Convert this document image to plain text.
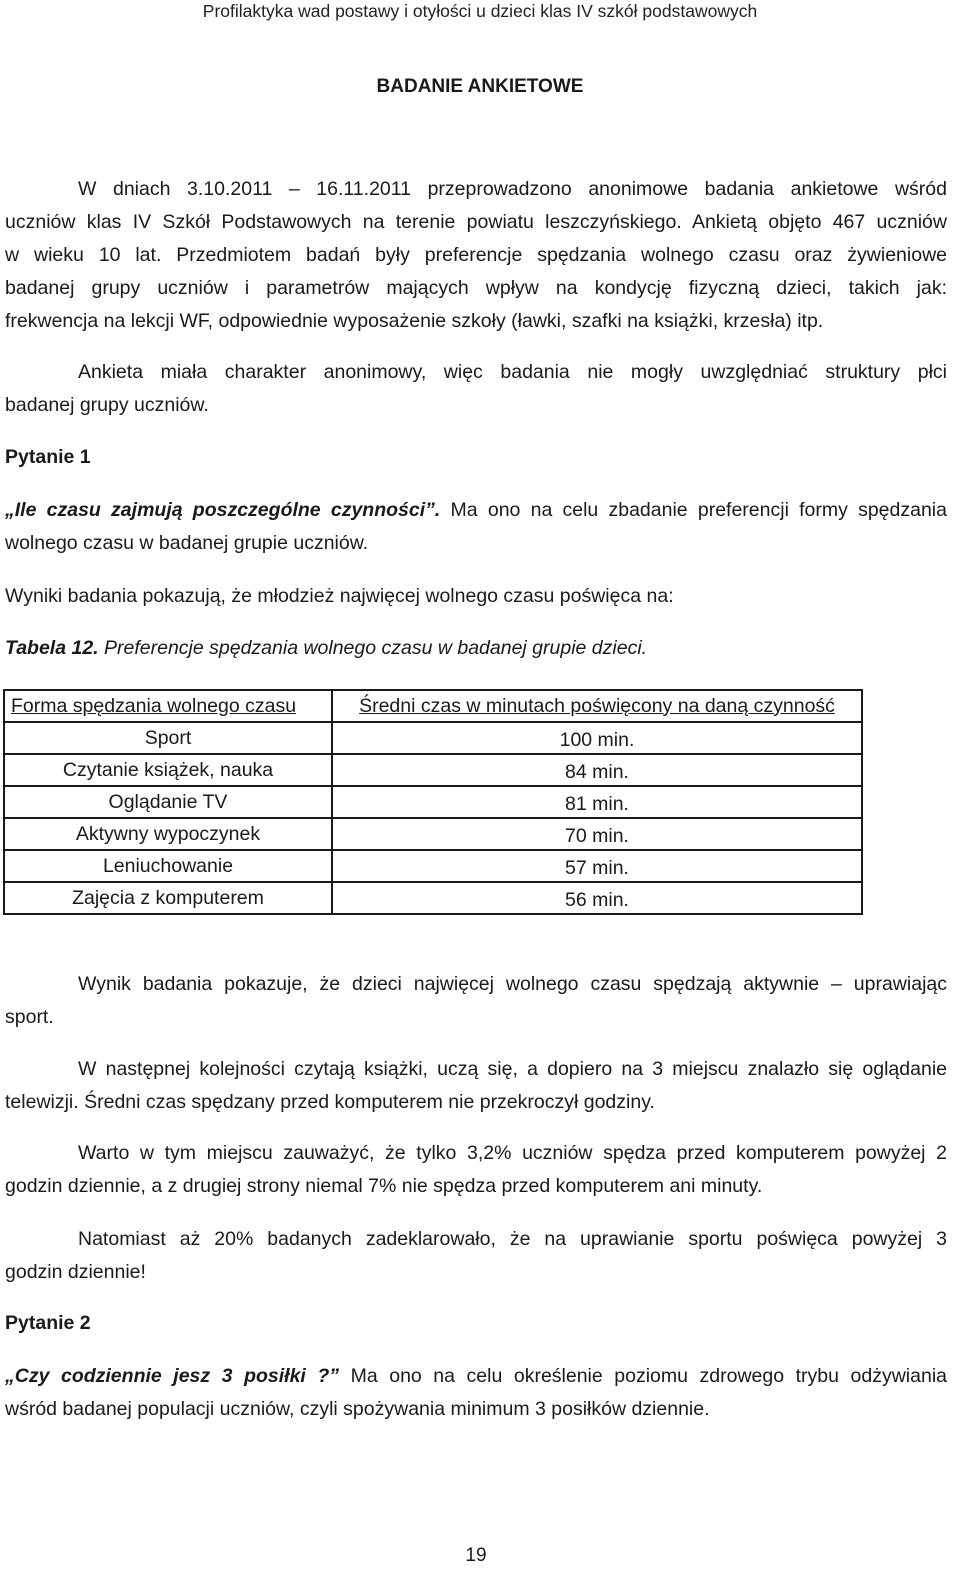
Profilaktyka wad postawy i otyłości u dzieci klas IV szkół podstawowych

BADANIE ANKIETOWE

W dniach 3.10.2011 – 16.11.2011 przeprowadzono anonimowe badania ankietowe wśród
uczniów klas IV Szkół Podstawowych na terenie powiatu leszczyńskiego. Ankietą objęto 467 uczniów
w wieku 10 lat. Przedmiotem badań były preferencje spędzania wolnego czasu oraz żywieniowe
badanej grupy uczniów i parametrów mających wpływ na kondycję fizyczną dzieci, takich jak:
frekwencja na lekcji WF, odpowiednie wyposażenie szkoły (ławki, szafki na książki, krzesła) itp.
Ankieta miała charakter anonimowy, więc badania nie mogły uwzględniać struktury płci
badanej grupy uczniów.
Pytanie 1
„Ile czasu zajmują poszczególne czynności”. Ma ono na celu zbadanie preferencji formy spędzania
wolnego czasu w badanej grupie uczniów.
Wyniki badania pokazują, że młodzież najwięcej wolnego czasu poświęca na:
Tabela 12. Preferencje spędzania wolnego czasu w badanej grupie dzieci.
Forma spędzania wolnego czasu	Średni czas w minutach poświęcony na daną czynność
Sport	100 min.
Czytanie książek, nauka	84 min.
Oglądanie TV	81 min.
Aktywny wypoczynek	70 min.
Leniuchowanie	57 min.
Zajęcia z komputerem	56 min.
Wynik badania pokazuje, że dzieci najwięcej wolnego czasu spędzają aktywnie – uprawiając
sport.
W następnej kolejności czytają książki, uczą się, a dopiero na 3 miejscu znalazło się oglądanie
telewizji. Średni czas spędzany przed komputerem nie przekroczył godziny.
Warto w tym miejscu zauważyć, że tylko 3,2% uczniów spędza przed komputerem powyżej 2
godzin dziennie, a z drugiej strony niemal 7% nie spędza przed komputerem ani minuty.
Natomiast aż 20% badanych zadeklarowało, że na uprawianie sportu poświęca powyżej 3
godzin dziennie!
Pytanie 2
„Czy codziennie jesz 3 posiłki ?” Ma ono na celu określenie poziomu zdrowego trybu odżywiania
wśród badanej populacji uczniów, czyli spożywania minimum 3 posiłków dziennie.

19
